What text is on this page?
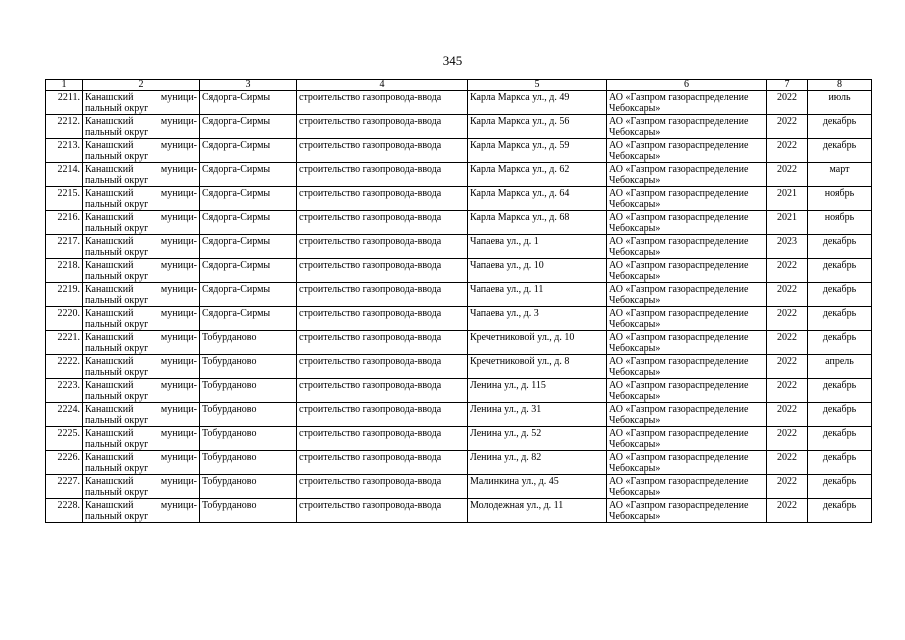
345
1	2	3	4	5	6	7	8
2211.	Канашский муници-пальный округ	Сядорга-Сирмы	строительство газопровода-ввода	Карла Маркса ул., д. 49	АО «Газпром газораспределение Чебоксары»	2022	июль
2212.	Канашский муници-пальный округ	Сядорга-Сирмы	строительство газопровода-ввода	Карла Маркса ул., д. 56	АО «Газпром газораспределение Чебоксары»	2022	декабрь
2213.	Канашский муници-пальный округ	Сядорга-Сирмы	строительство газопровода-ввода	Карла Маркса ул., д. 59	АО «Газпром газораспределение Чебоксары»	2022	декабрь
2214.	Канашский муници-пальный округ	Сядорга-Сирмы	строительство газопровода-ввода	Карла Маркса ул., д. 62	АО «Газпром газораспределение Чебоксары»	2022	март
2215.	Канашский муници-пальный округ	Сядорга-Сирмы	строительство газопровода-ввода	Карла Маркса ул., д. 64	АО «Газпром газораспределение Чебоксары»	2021	ноябрь
2216.	Канашский муници-пальный округ	Сядорга-Сирмы	строительство газопровода-ввода	Карла Маркса ул., д. 68	АО «Газпром газораспределение Чебоксары»	2021	ноябрь
2217.	Канашский муници-пальный округ	Сядорга-Сирмы	строительство газопровода-ввода	Чапаева ул., д. 1	АО «Газпром газораспределение Чебоксары»	2023	декабрь
2218.	Канашский муници-пальный округ	Сядорга-Сирмы	строительство газопровода-ввода	Чапаева ул., д. 10	АО «Газпром газораспределение Чебоксары»	2022	декабрь
2219.	Канашский муници-пальный округ	Сядорга-Сирмы	строительство газопровода-ввода	Чапаева ул., д. 11	АО «Газпром газораспределение Чебоксары»	2022	декабрь
2220.	Канашский муници-пальный округ	Сядорга-Сирмы	строительство газопровода-ввода	Чапаева ул., д. 3	АО «Газпром газораспределение Чебоксары»	2022	декабрь
2221.	Канашский муници-пальный округ	Тобурданово	строительство газопровода-ввода	Кречетниковой ул., д. 10	АО «Газпром газораспределение Чебоксары»	2022	декабрь
2222.	Канашский муници-пальный округ	Тобурданово	строительство газопровода-ввода	Кречетниковой ул., д. 8	АО «Газпром газораспределение Чебоксары»	2022	апрель
2223.	Канашский муници-пальный округ	Тобурданово	строительство газопровода-ввода	Ленина ул., д. 115	АО «Газпром газораспределение Чебоксары»	2022	декабрь
2224.	Канашский муници-пальный округ	Тобурданово	строительство газопровода-ввода	Ленина ул., д. 31	АО «Газпром газораспределение Чебоксары»	2022	декабрь
2225.	Канашский муници-пальный округ	Тобурданово	строительство газопровода-ввода	Ленина ул., д. 52	АО «Газпром газораспределение Чебоксары»	2022	декабрь
2226.	Канашский муници-пальный округ	Тобурданово	строительство газопровода-ввода	Ленина ул., д. 82	АО «Газпром газораспределение Чебоксары»	2022	декабрь
2227.	Канашский муници-пальный округ	Тобурданово	строительство газопровода-ввода	Малинкина ул., д. 45	АО «Газпром газораспределение Чебоксары»	2022	декабрь
2228.	Канашский муници-пальный округ	Тобурданово	строительство газопровода-ввода	Молодежная ул., д. 11	АО «Газпром газораспределение Чебоксары»	2022	декабрь
